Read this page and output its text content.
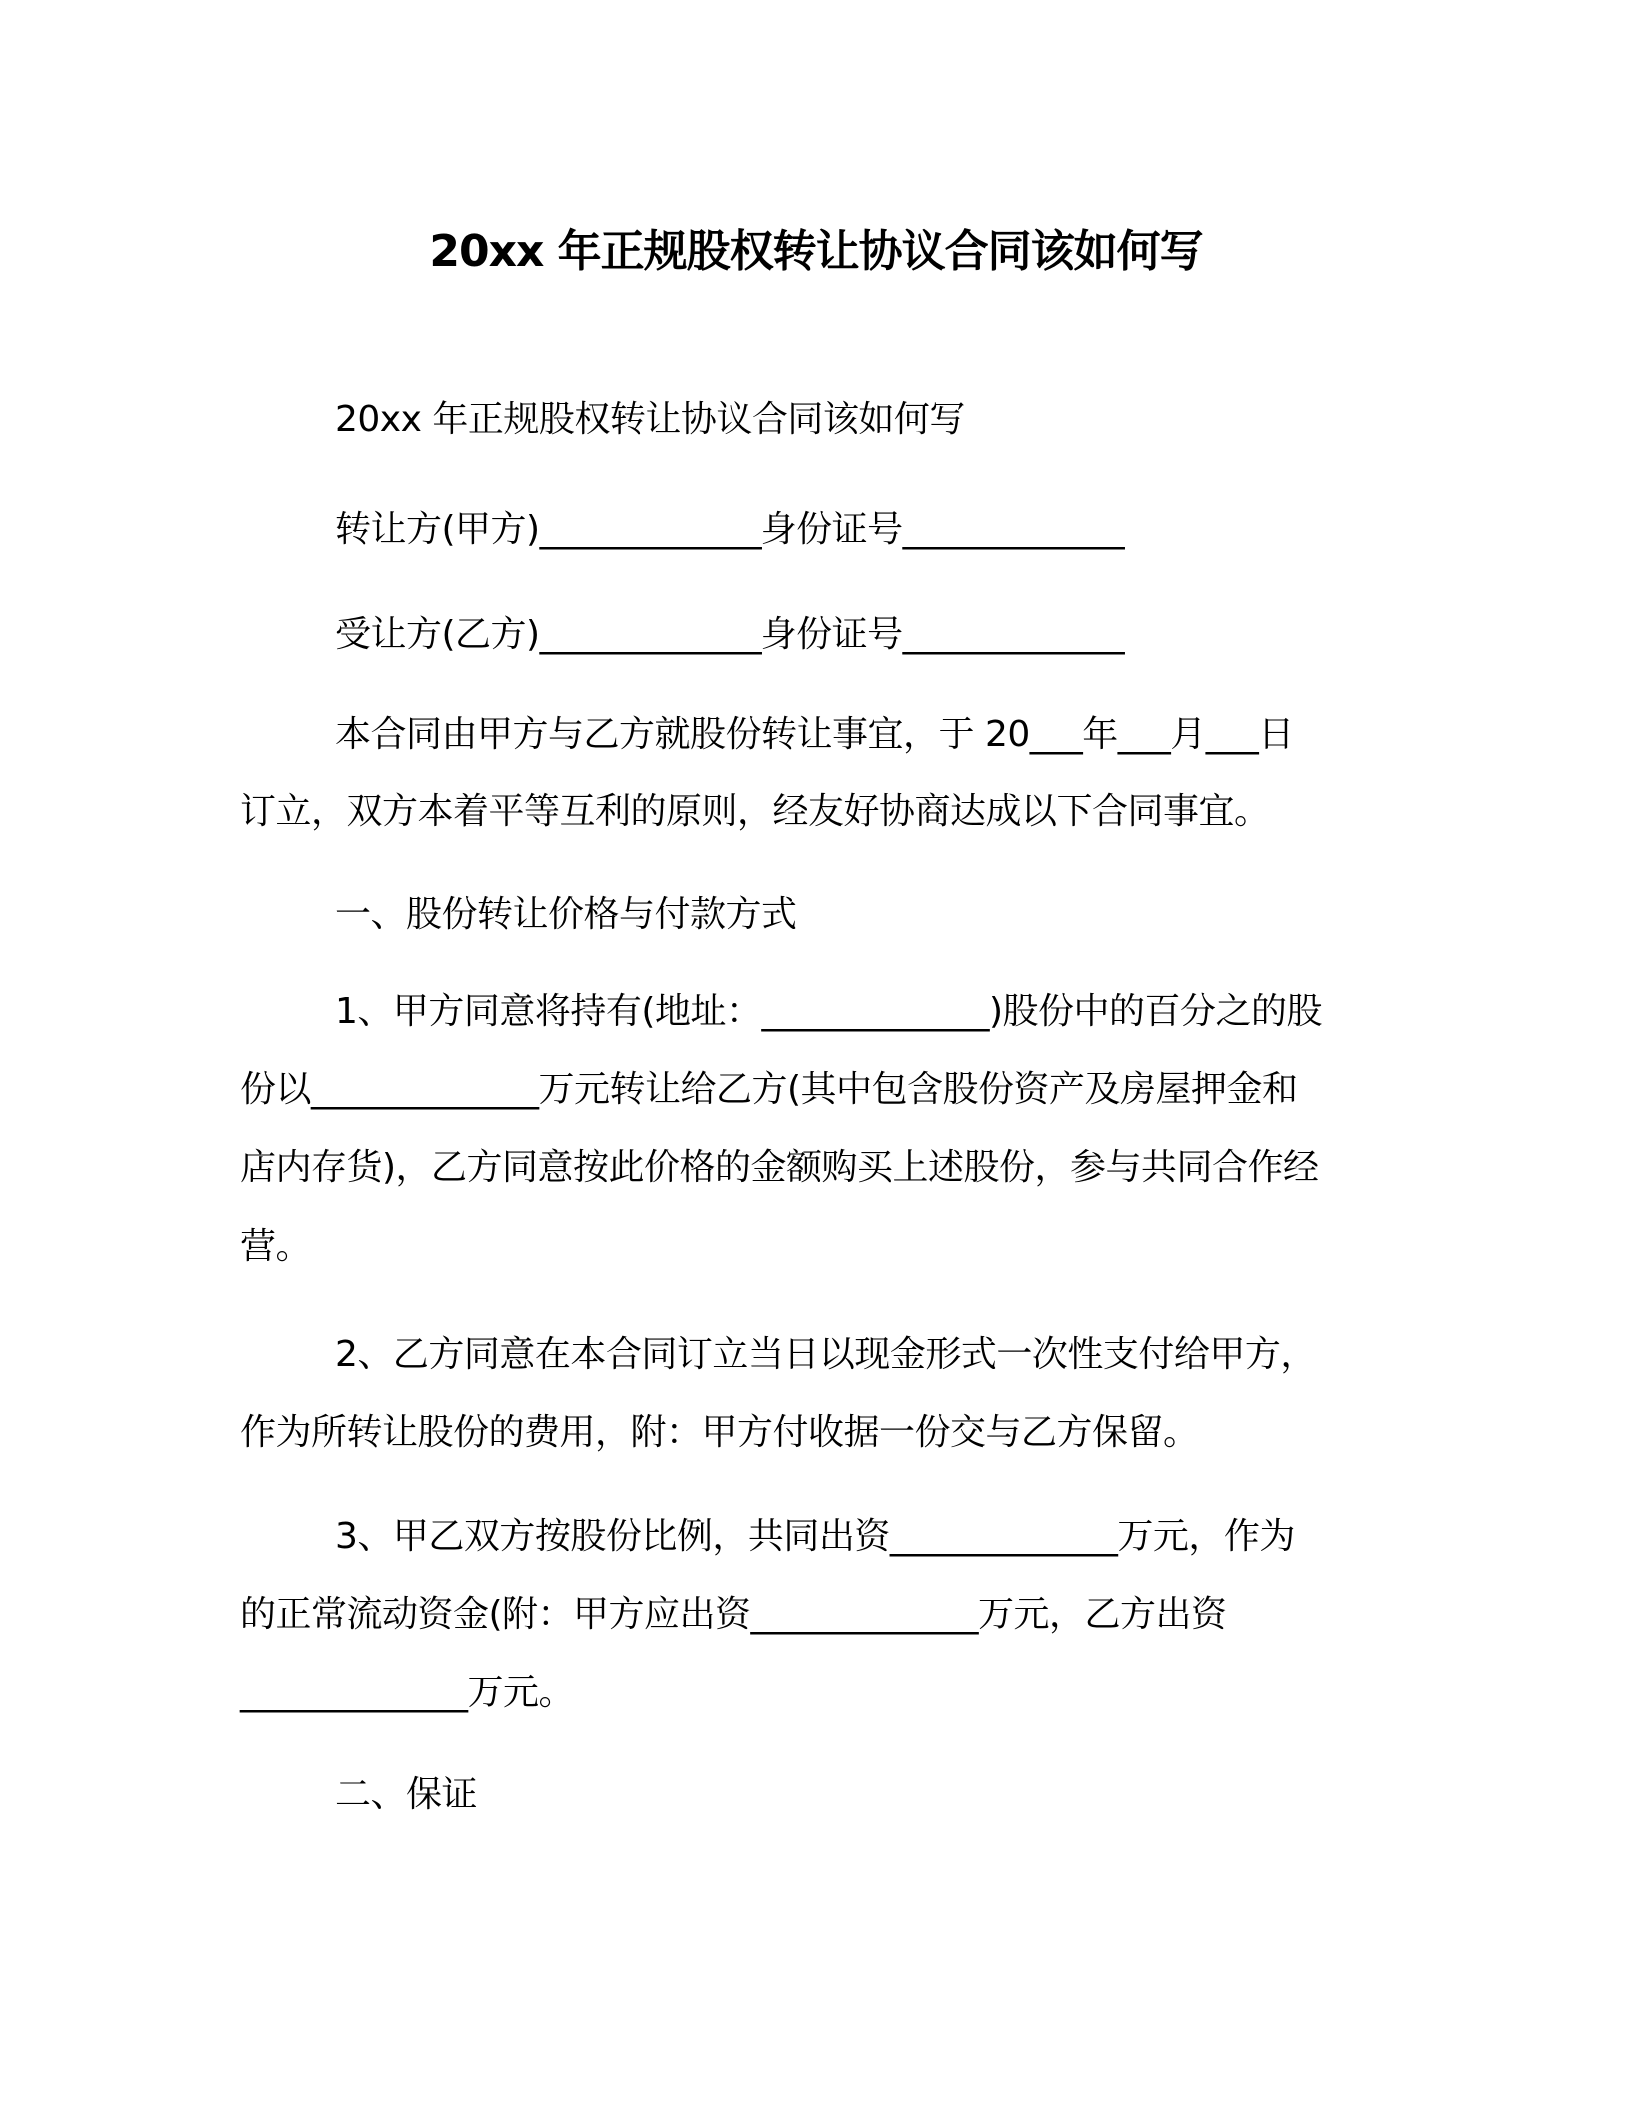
20xx 年正规股权转让协议合同该如何写
20xx 年正规股权转让协议合同该如何写
转让方(甲方)_____________身份证号_____________
受让方(乙方)_____________身份证号_____________
本合同由甲方与乙方就股份转让事宜，于 20___年___月___日
订立，双方本着平等互利的原则，经友好协商达成以下合同事宜。
一、股份转让价格与付款方式
1、甲方同意将持有(地址：_____________)股份中的百分之的股
份以_____________万元转让给乙方(其中包含股份资产及房屋押金和
店内存货)，乙方同意按此价格的金额购买上述股份，参与共同合作经
营。
2、乙方同意在本合同订立当日以现金形式一次性支付给甲方，
作为所转让股份的费用，附：甲方付收据一份交与乙方保留。
3、甲乙双方按股份比例，共同出资_____________万元，作为
的正常流动资金(附：甲方应出资_____________万元，乙方出资
_____________万元。
二、保证
